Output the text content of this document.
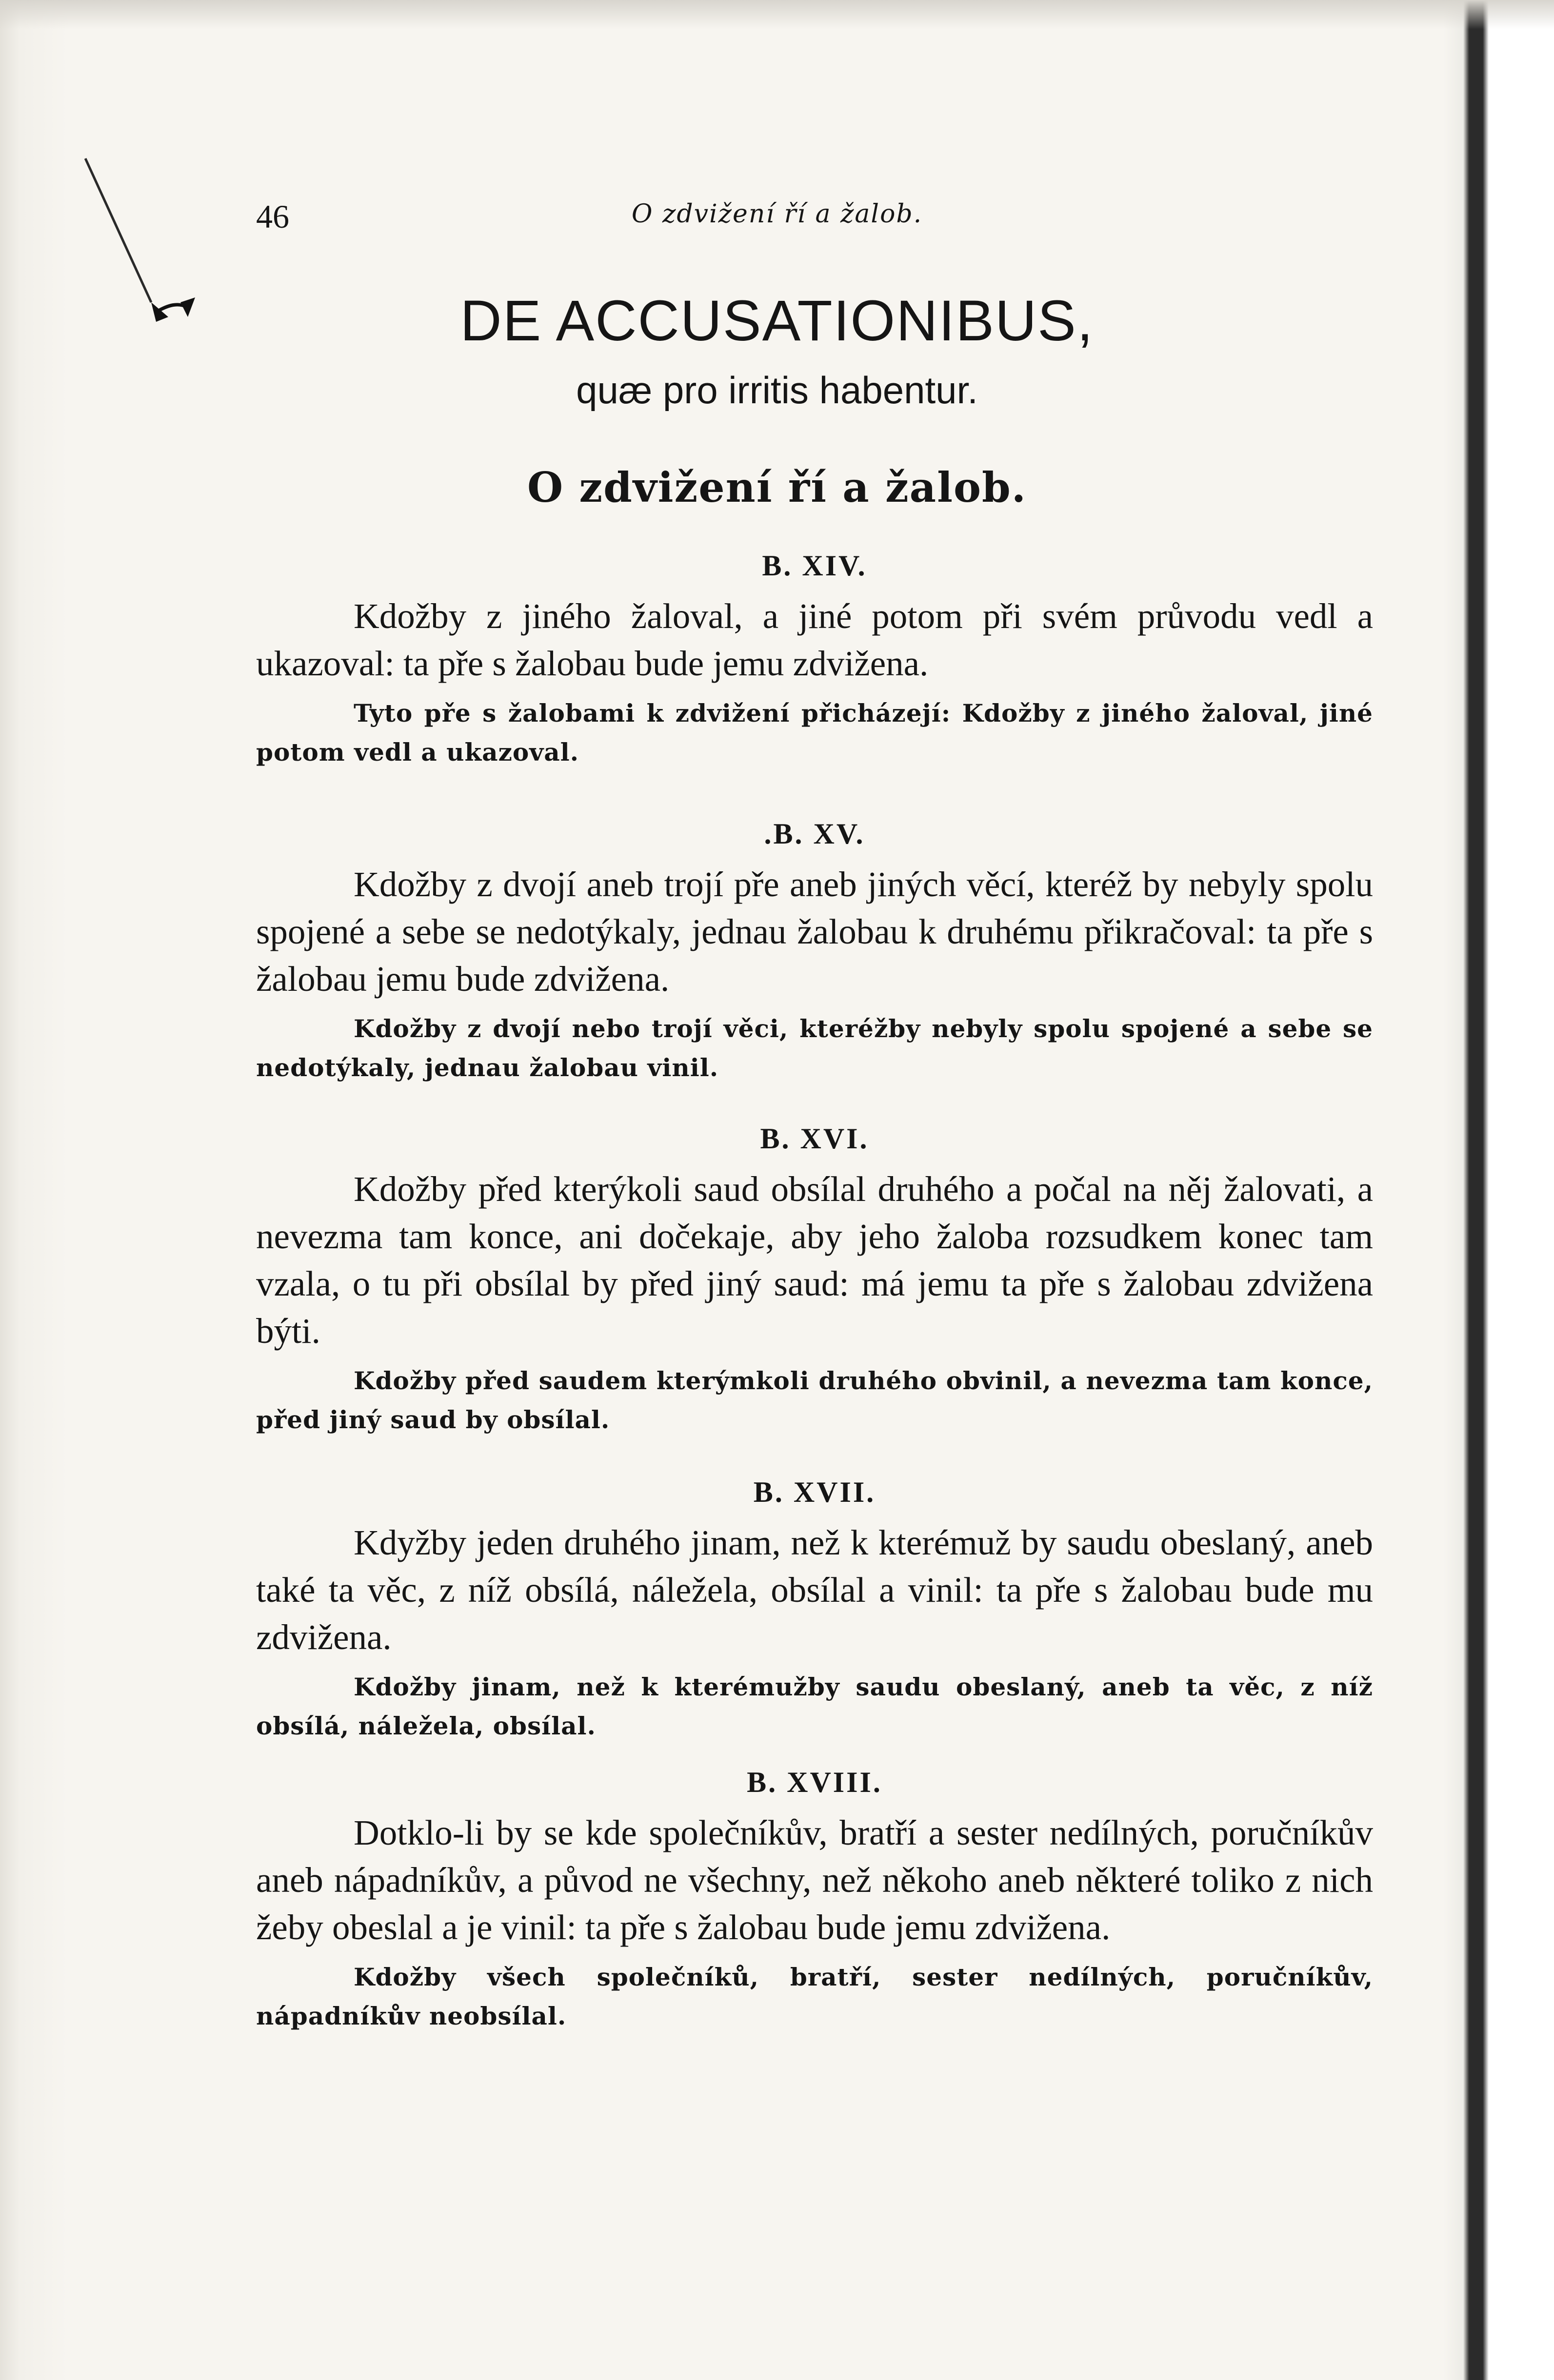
46	O zdvižení ří a žalob.
DE ACCUSATIONIBUS,
quæ pro irritis habentur.
O zdvižení ří a žalob.
B. XIV.

Kdožby z jiného žaloval, a jiné potom při svém průvodu vedl a ukazoval: ta pře s žalobau bude jemu zdvižena.

Tyto pře s žalobami k zdvižení přicházejí: Kdožby z jiného žaloval, jiné potom vedl a ukazoval.

.B. XV.

Kdožby z dvojí aneb trojí pře aneb jiných věcí, kteréž by nebyly spolu spojené a sebe se nedotýkaly, jednau žalobau k druhému přikračoval: ta pře s žalobau jemu bude zdvižena.

Kdožby z dvojí nebo trojí věci, kteréžby nebyly spolu spojené a sebe se nedotýkaly, jednau žalobau vinil.

B. XVI.

Kdožby před kterýkoli saud obsílal druhého a počal na něj žalovati, a nevezma tam konce, ani dočekaje, aby jeho žaloba rozsudkem konec tam vzala, o tu při obsílal by před jiný saud: má jemu ta pře s žalobau zdvižena býti.

Kdožby před saudem kterýmkoli druhého obvinil, a nevezma tam konce, před jiný saud by obsílal.

B. XVII.

Kdyžby jeden druhého jinam, než k kterémuž by saudu obeslaný, aneb také ta věc, z níž obsílá, náležela, obsílal a vinil: ta pře s žalobau bude mu zdvižena.

Kdožby jinam, než k kterémužby saudu obeslaný, aneb ta věc, z níž obsílá, náležela, obsílal.

B. XVIII.

Dotklo-li by se kde společníkův, bratří a sester nedílných, poručníkův aneb nápadníkův, a původ ne všechny, než někoho aneb některé toliko z nich žeby obeslal a je vinil: ta pře s žalobau bude jemu zdvižena.

Kdožby všech společníků, bratří, sester nedílných, poručníkův, nápadníkův neobsílal.
